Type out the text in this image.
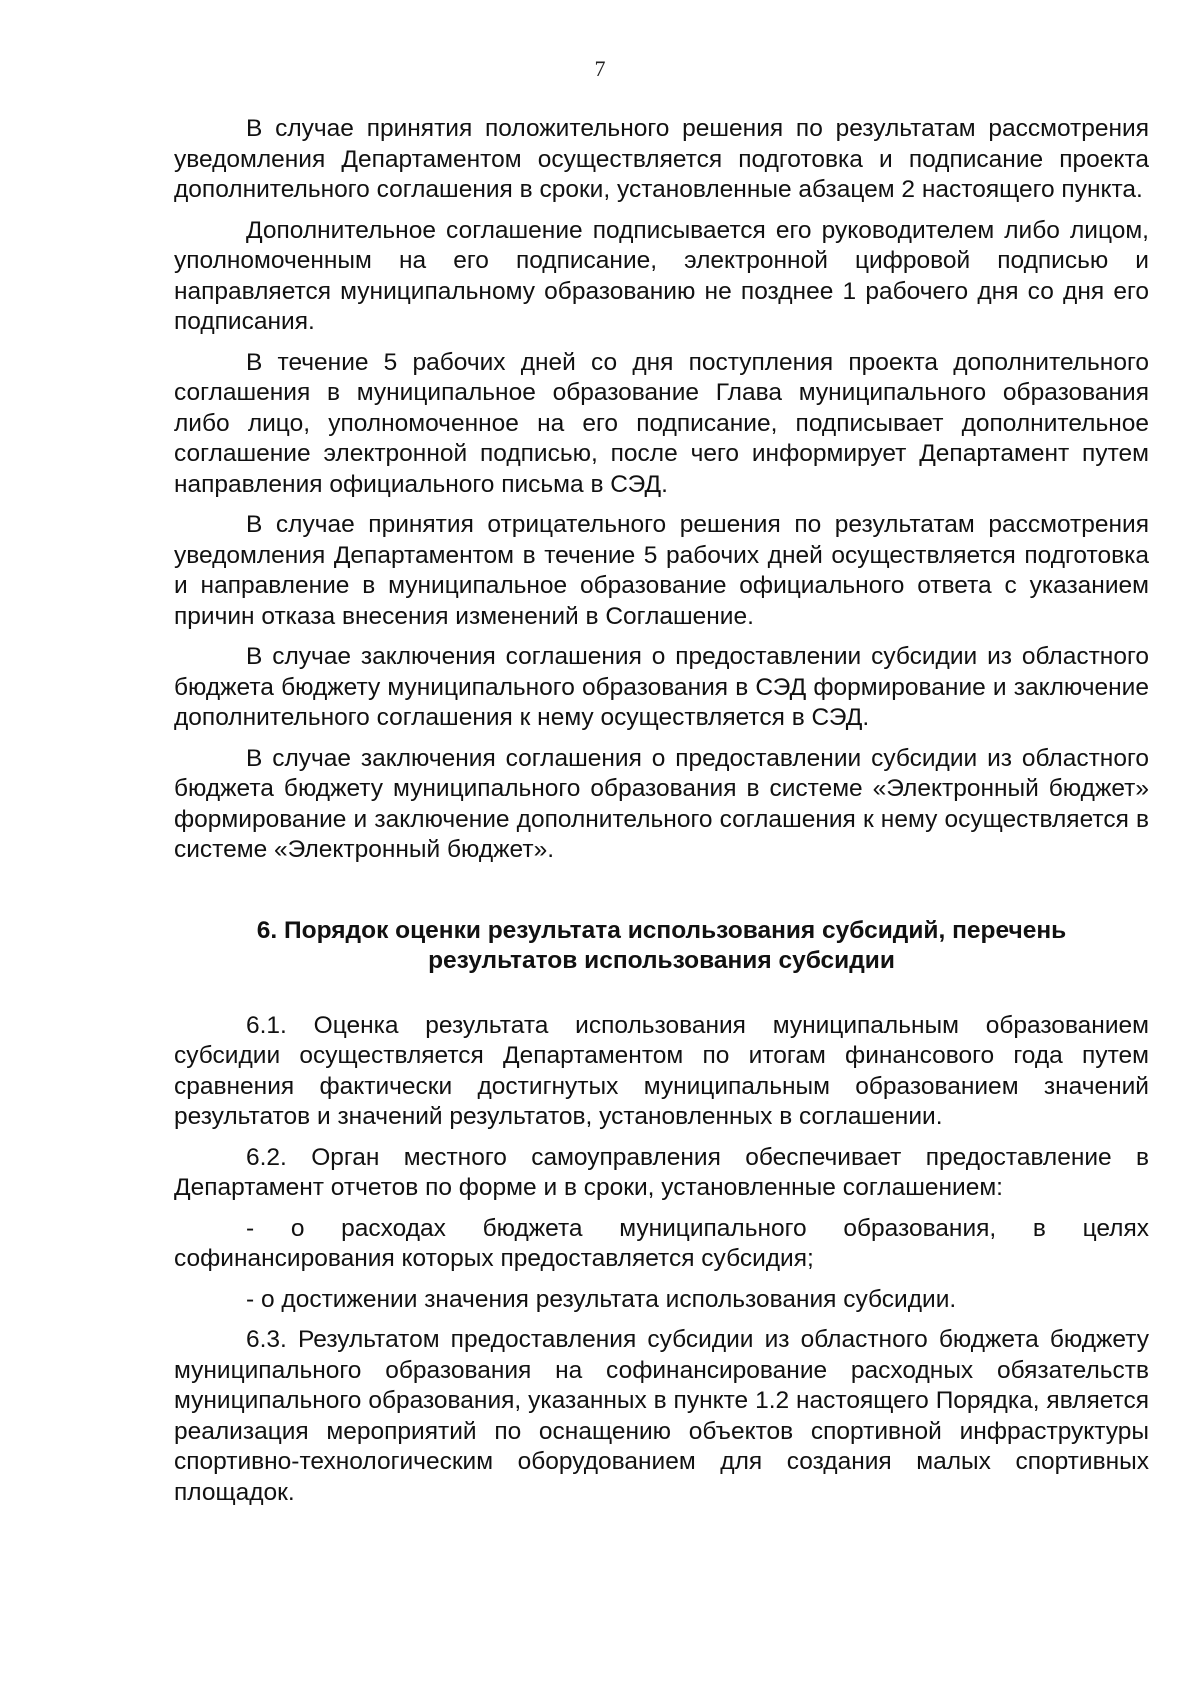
7

В случае принятия положительного решения по результатам рассмотрения уведомления Департаментом осуществляется подготовка и подписание проекта дополнительного соглашения в сроки, установленные абзацем 2 настоящего пункта.

Дополнительное соглашение подписывается его руководителем либо лицом, уполномоченным на его подписание, электронной цифровой подписью и направляется муниципальному образованию не позднее 1 рабочего дня со дня его подписания.

В течение 5 рабочих дней со дня поступления проекта дополнительного соглашения в муниципальное образование Глава муниципального образования либо лицо, уполномоченное на его подписание, подписывает дополнительное соглашение электронной подписью, после чего информирует Департамент путем направления официального письма в СЭД.

В случае принятия отрицательного решения по результатам рассмотрения уведомления Департаментом в течение 5 рабочих дней осуществляется подготовка и направление в муниципальное образование официального ответа с указанием причин отказа внесения изменений в Соглашение.

В случае заключения соглашения о предоставлении субсидии из областного бюджета бюджету муниципального образования в СЭД формирование и заключение дополнительного соглашения к нему осуществляется в СЭД.

В случае заключения соглашения о предоставлении субсидии из областного бюджета бюджету муниципального образования в системе «Электронный бюджет» формирование и заключение дополнительного соглашения к нему осуществляется в системе «Электронный бюджет».

6. Порядок оценки результата использования субсидий, перечень результатов использования субсидии

6.1. Оценка результата использования муниципальным образованием субсидии осуществляется Департаментом по итогам финансового года путем сравнения фактически достигнутых муниципальным образованием значений результатов и значений результатов, установленных в соглашении.

6.2. Орган местного самоуправления обеспечивает предоставление в Департамент отчетов по форме и в сроки, установленные соглашением:

- о расходах бюджета муниципального образования, в целях софинансирования которых предоставляется субсидия;

- о достижении значения результата использования субсидии.

6.3. Результатом предоставления субсидии из областного бюджета бюджету муниципального образования на софинансирование расходных обязательств муниципального образования, указанных в пункте 1.2 настоящего Порядка, является реализация мероприятий по оснащению объектов спортивной инфраструктуры спортивно-технологическим оборудованием для создания малых спортивных площадок.
